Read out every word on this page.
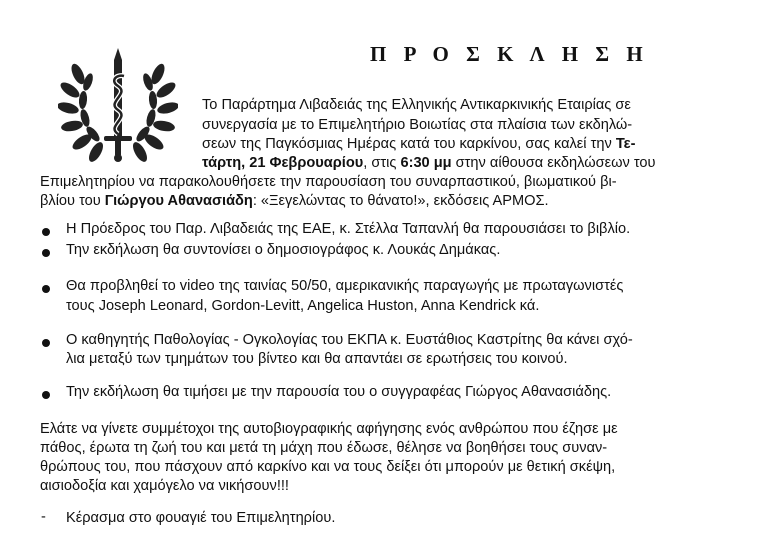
Π Ρ Ο Σ Κ Λ Η Σ Η
Το Παράρτημα Λιβαδειάς της Ελληνικής Αντικαρκινικής Εταιρίας σε
συνεργασία με το Επιμελητήριο Βοιωτίας στα πλαίσια των εκδηλώ-
σεων της Παγκόσμιας Ημέρας κατά του καρκίνου, σας καλεί την Τε-
τάρτη, 21 Φεβρουαρίου, στις 6:30 μμ στην αίθουσα εκδηλώσεων του
Επιμελητηρίου να παρακολουθήσετε την παρουσίαση του συναρπαστικού, βιωματικού βι-
βλίου του Γιώργου Αθανασιάδη: «Ξεγελώντας το θάνατο!», εκδόσεις ΑΡΜΟΣ.
Η Πρόεδρος του Παρ. Λιβαδειάς της ΕΑΕ, κ. Στέλλα Ταπανλή θα παρουσιάσει το βιβλίο.
Την εκδήλωση θα συντονίσει ο δημοσιογράφος κ. Λουκάς Δημάκας.
Θα προβληθεί το video της ταινίας 50/50, αμερικανικής παραγωγής με πρωταγωνιστές
τους Joseph Leonard, Gordon-Levitt, Angelica Huston, Anna Kendrick κά.
Ο καθηγητής Παθολογίας - Ογκολογίας του ΕΚΠΑ κ. Ευστάθιος Καστρίτης θα κάνει σχό-
λια μεταξύ των τμημάτων του βίντεο και θα απαντάει σε ερωτήσεις του κοινού.
Την εκδήλωση θα τιμήσει με την παρουσία του ο συγγραφέας Γιώργος Αθανασιάδης.
Ελάτε να γίνετε συμμέτοχοι της αυτοβιογραφικής αφήγησης ενός ανθρώπου που έζησε με
πάθος, έρωτα τη ζωή του και μετά τη μάχη που έδωσε, θέλησε να βοηθήσει τους συναν-
θρώπους του, που πάσχουν από καρκίνο και να τους δείξει ότι μπορούν με θετική σκέψη,
αισιοδοξία και χαμόγελο να νικήσουν!!!
- Κέρασμα στο φουαγιέ του Επιμελητηρίου.
